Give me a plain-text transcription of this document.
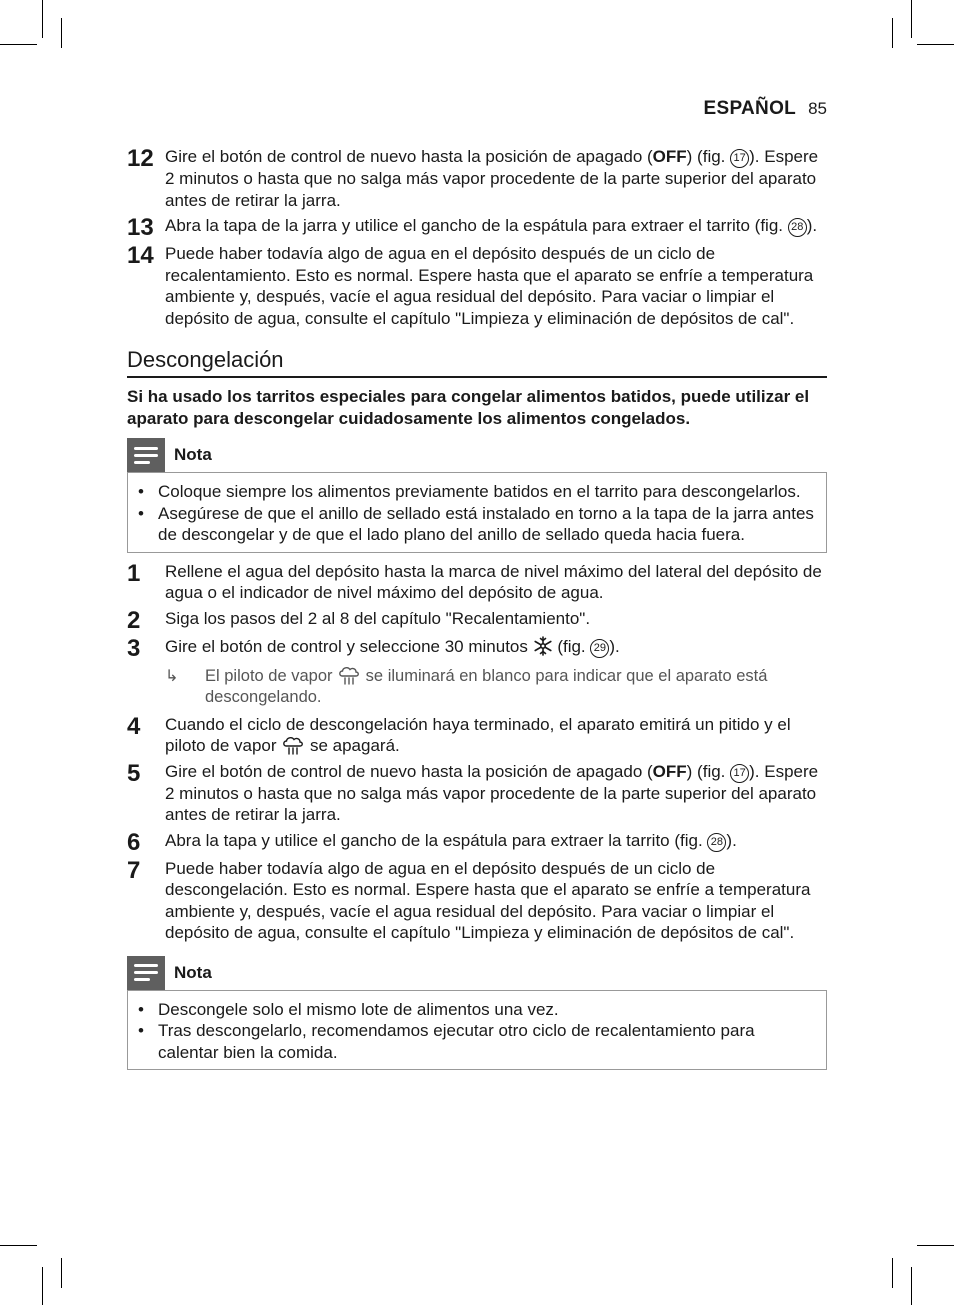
ESPAÑOL 85
12 Gire el botón de control de nuevo hasta la posición de apagado (OFF) (fig. 17 ). Espere 2 minutos o hasta que no salga más vapor procedente de la parte superior del aparato antes de retirar la jarra.
13 Abra la tapa de la jarra y utilice el gancho de la espátula para extraer el tarrito (fig. 28 ).
14 Puede haber todavía algo de agua en el depósito después de un ciclo de recalentamiento. Esto es normal. Espere hasta que el aparato se enfríe a temperatura ambiente y, después, vacíe el agua residual del depósito. Para vaciar o limpiar el depósito de agua, consulte el capítulo "Limpieza y eliminación de depósitos de cal".
Descongelación
Si ha usado los tarritos especiales para congelar alimentos batidos, puede utilizar el aparato para descongelar cuidadosamente los alimentos congelados.
Nota
• Coloque siempre los alimentos previamente batidos en el tarrito para descongelarlos.
• Asegúrese de que el anillo de sellado está instalado en torno a la tapa de la jarra antes de descongelar y de que el lado plano del anillo de sellado queda hacia fuera.
1	Rellene el agua del depósito hasta la marca de nivel máximo del lateral del depósito de agua o el indicador de nivel máximo del depósito de agua.
2	Siga los pasos del 2 al 8 del capítulo "Recalentamiento".
3	Gire el botón de control y seleccione 30 minutos  (fig. 29 ).
↳	El piloto de vapor  se iluminará en blanco para indicar que el aparato está descongelando.
4	Cuando el ciclo de descongelación haya terminado, el aparato emitirá un pitido y el piloto de vapor  se apagará.
5	Gire el botón de control de nuevo hasta la posición de apagado (OFF) (fig. 17 ). Espere 2 minutos o hasta que no salga más vapor procedente de la parte superior del aparato antes de retirar la jarra.
6	Abra la tapa y utilice el gancho de la espátula para extraer la tarrito (fig. 28 ).
7	Puede haber todavía algo de agua en el depósito después de un ciclo de descongelación. Esto es normal. Espere hasta que el aparato se enfríe a temperatura ambiente y, después, vacíe el agua residual del depósito. Para vaciar o limpiar el depósito de agua, consulte el capítulo "Limpieza y eliminación de depósitos de cal".
Nota
• Descongele solo el mismo lote de alimentos una vez.
• Tras descongelarlo, recomendamos ejecutar otro ciclo de recalentamiento para calentar bien la comida.
